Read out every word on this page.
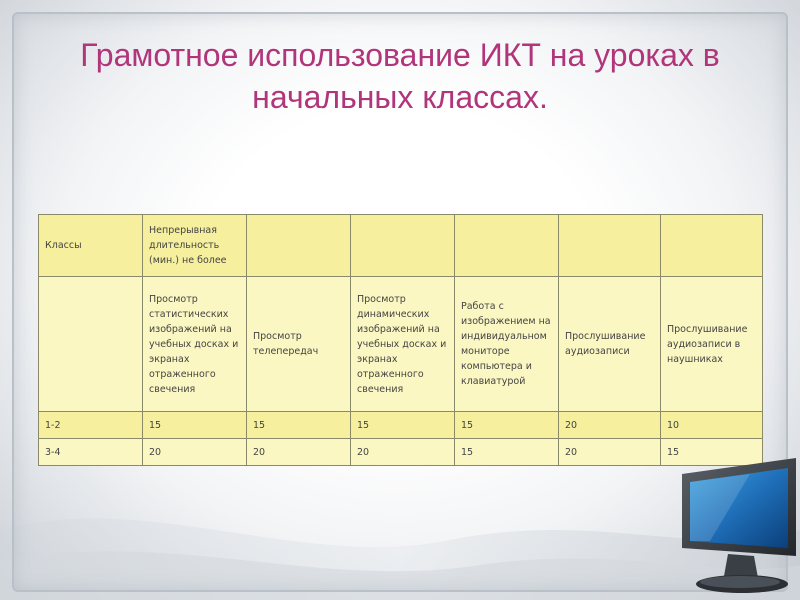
Грамотное использование ИКТ на уроках в начальных классах.
Классы	Непрерывная длительность (мин.) не более					
	Просмотр статистических изображений на учебных досках и экранах отраженного свечения	Просмотр телепередач	Просмотр динамических изображений на учебных досках и экранах отраженного свечения	Работа с изображением на индивидуальном мониторе компьютера и клавиатурой	Прослушивание аудиозаписи	Прослушивание аудиозаписи в наушниках
1-2	15	15	15	15	20	10
3-4	20	20	20	15	20	15
